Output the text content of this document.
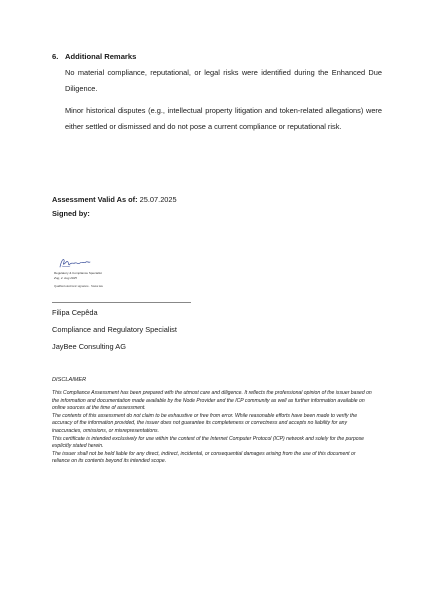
6. Additional Remarks
No material compliance, reputational, or legal risks were identified during the Enhanced Due Diligence.
Minor historical disputes (e.g., intellectual property litigation and token-related allegations) were either settled or dismissed and do not pose a current compliance or reputational risk.
Assessment Valid As of: 25.07.2025
Signed by:
Regulatory & Compliance Specialist
Zug, 2. Aug 2025
Qualified electronic signature · Swiss law
Filipa Cepêda
Compliance and Regulatory Specialist
JayBee Consulting AG
DISCLAIMER

This Compliance Assessment has been prepared with the utmost care and diligence. It reflects the professional opinion of the issuer based on the information and documentation made available by the Node Provider and the ICP community as well as further information available on online sources at the time of assessment.

The contents of this assessment do not claim to be exhaustive or free from error. While reasonable efforts have been made to verify the accuracy of the information provided, the issuer does not guarantee its completeness or correctness and accepts no liability for any inaccuracies, omissions, or misrepresentations.

This certificate is intended exclusively for use within the context of the Internet Computer Protocol (ICP) network and solely for the purpose explicitly stated herein.

The issuer shall not be held liable for any direct, indirect, incidental, or consequential damages arising from the use of this document or reliance on its contents beyond its intended scope.
